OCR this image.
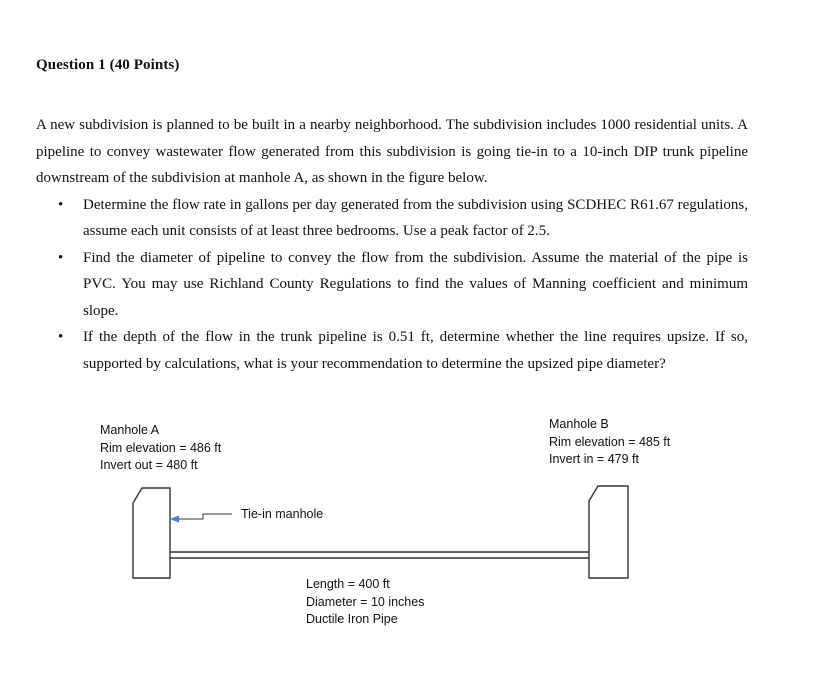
Question 1 (40 Points)

A new subdivision is planned to be built in a nearby neighborhood. The subdivision includes 1000 residential units. A pipeline to convey wastewater flow generated from this subdivision is going tie-in to a 10-inch DIP trunk pipeline downstream of the subdivision at manhole A, as shown in the figure below.

• Determine the flow rate in gallons per day generated from the subdivision using SCDHEC R61.67 regulations, assume each unit consists of at least three bedrooms. Use a peak factor of 2.5.
• Find the diameter of pipeline to convey the flow from the subdivision. Assume the material of the pipe is PVC. You may use Richland County Regulations to find the values of Manning coefficient and minimum slope.
• If the depth of the flow in the trunk pipeline is 0.51 ft, determine whether the line requires upsize. If so, supported by calculations, what is your recommendation to determine the upsized pipe diameter?
Manhole A
Rim elevation = 486 ft
Invert out = 480 ft
Manhole B
Rim elevation = 485 ft
Invert in = 479 ft
Tie-in manhole
Length = 400 ft
Diameter = 10 inches
Ductile Iron Pipe
